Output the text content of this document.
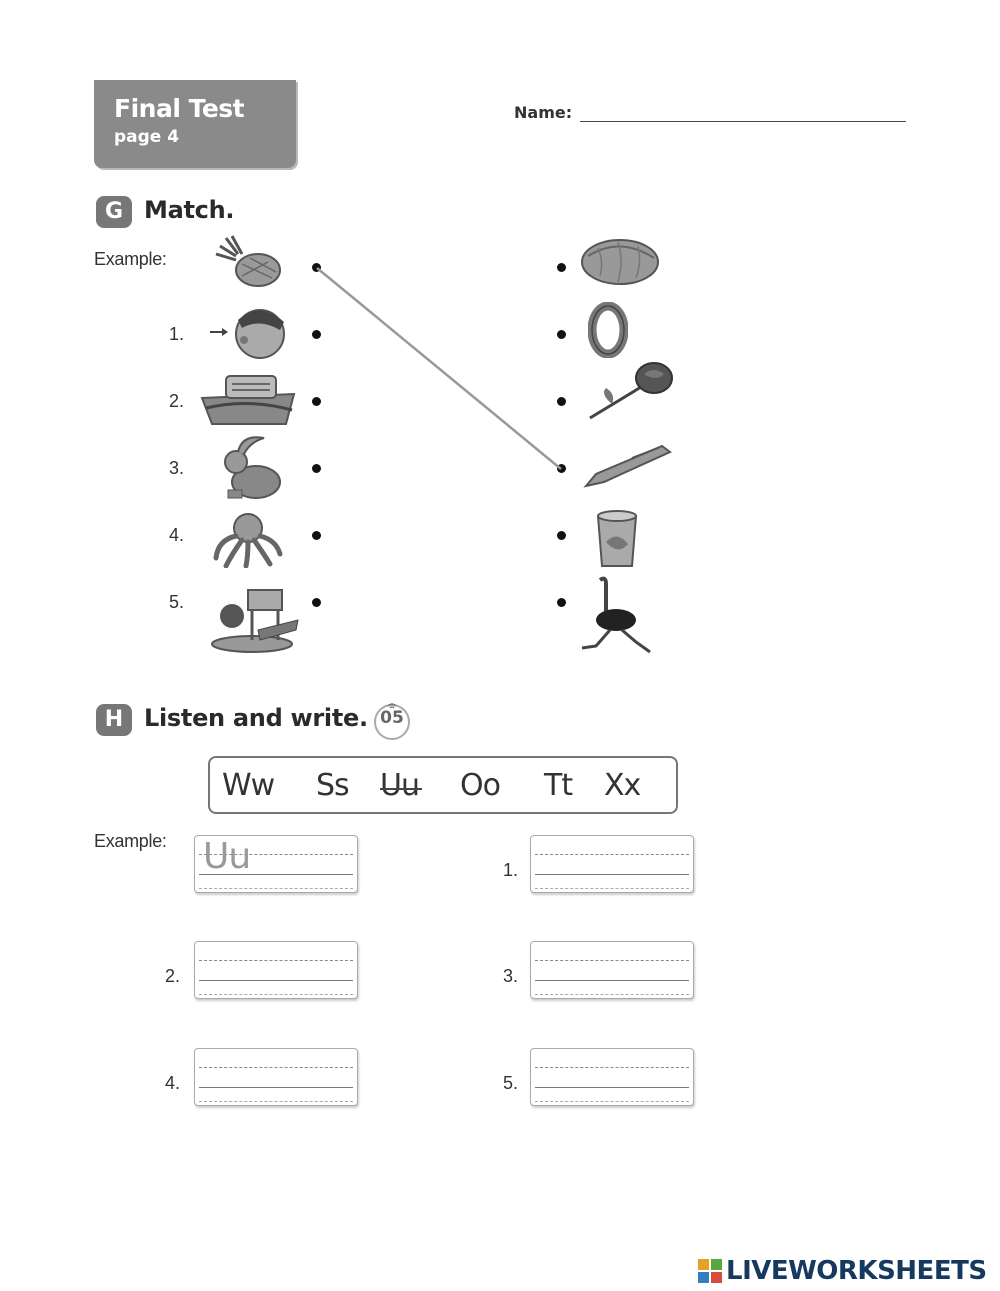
Final Test
page 4
Name:
G Match.
Example:
1.
2.
3.
4.
5.
H Listen and write. 05
Ww Ss Uu Oo Tt Xx
Example: Uu	1.
2.	3.
4.	5.
LIVEWORKSHEETS
